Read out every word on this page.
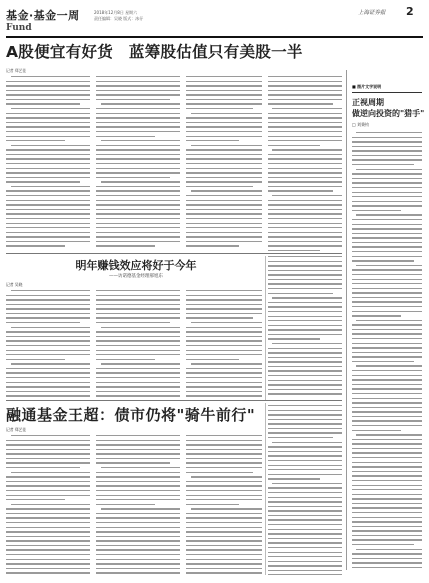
基金·基金一周
Fund
2018年12月8日 星期六
责任编辑：吴晓 版式：冰仔
上海证券报 2
A股便宜有好货　蓝筹股估值只有美股一半
记者 郑艺佳
明年赚钱效应将好于今年
——访诺德基金经理郝旭东
记者 吴晓
融通基金王超：债市仍将"骑牛前行"
记者 郑艺佳
■ 图片文字说明
正视周期
做逆向投资的"猎手"
□ 刘秉钧
